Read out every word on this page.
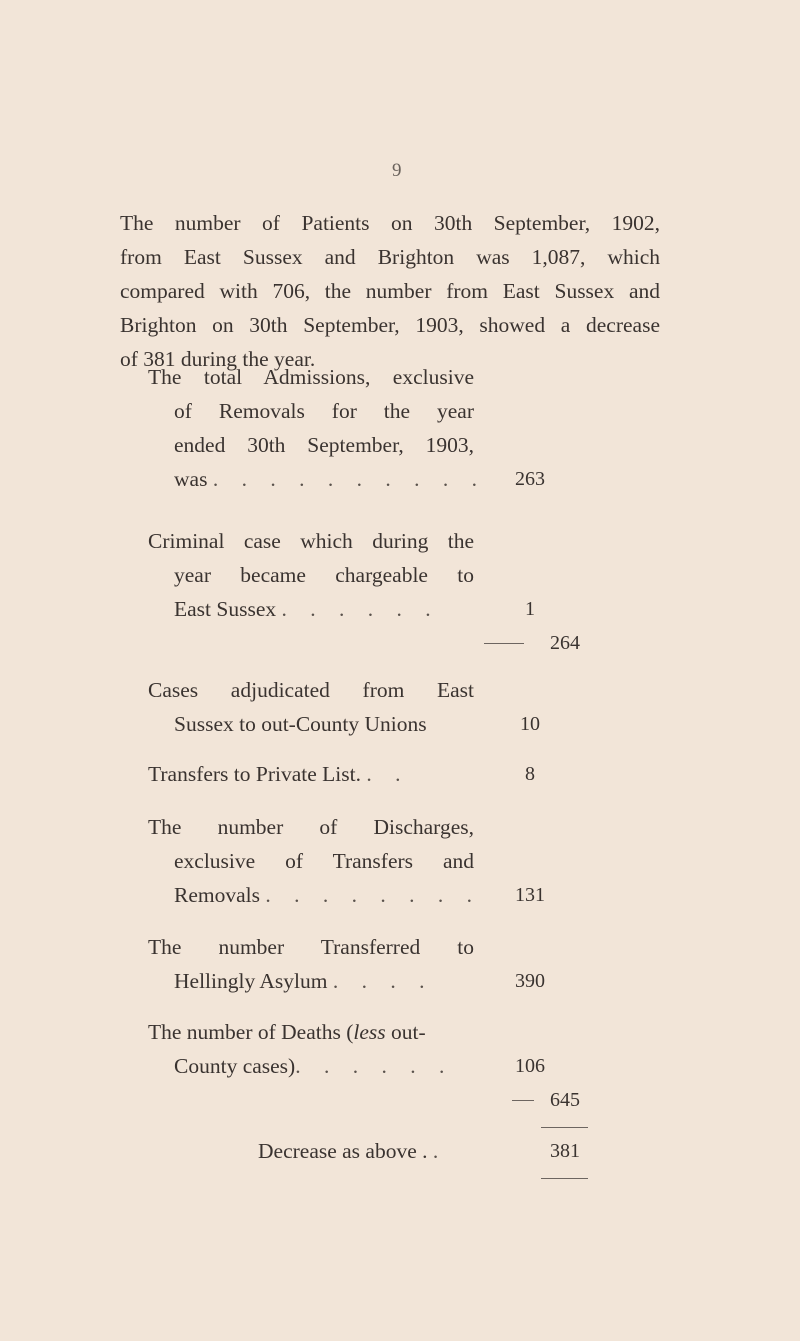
9

The number of Patients on 30th September, 1902,

from East Sussex and Brighton was 1,087, which

compared with 706, the number from East Sussex and

Brighton on 30th September, 1903, showed a decrease

of 381 during the year.

The total Admissions, exclusive
of Removals for the year
ended 30th September, 1903,
was . . . . . . . . . .	263
Criminal case which during the
year became chargeable to
East Sussex . . . . . .	1
264
Cases adjudicated from East
Sussex to out-County Unions	10
Transfers to Private List. . .	8
The number of Discharges,
exclusive of Transfers and
Removals . . . . . . . .	131
The number Transferred to
Hellingly Asylum . . . .	390
The number of Deaths (less out-
County cases). . . . . .	106
645
Decrease as above . .	381
